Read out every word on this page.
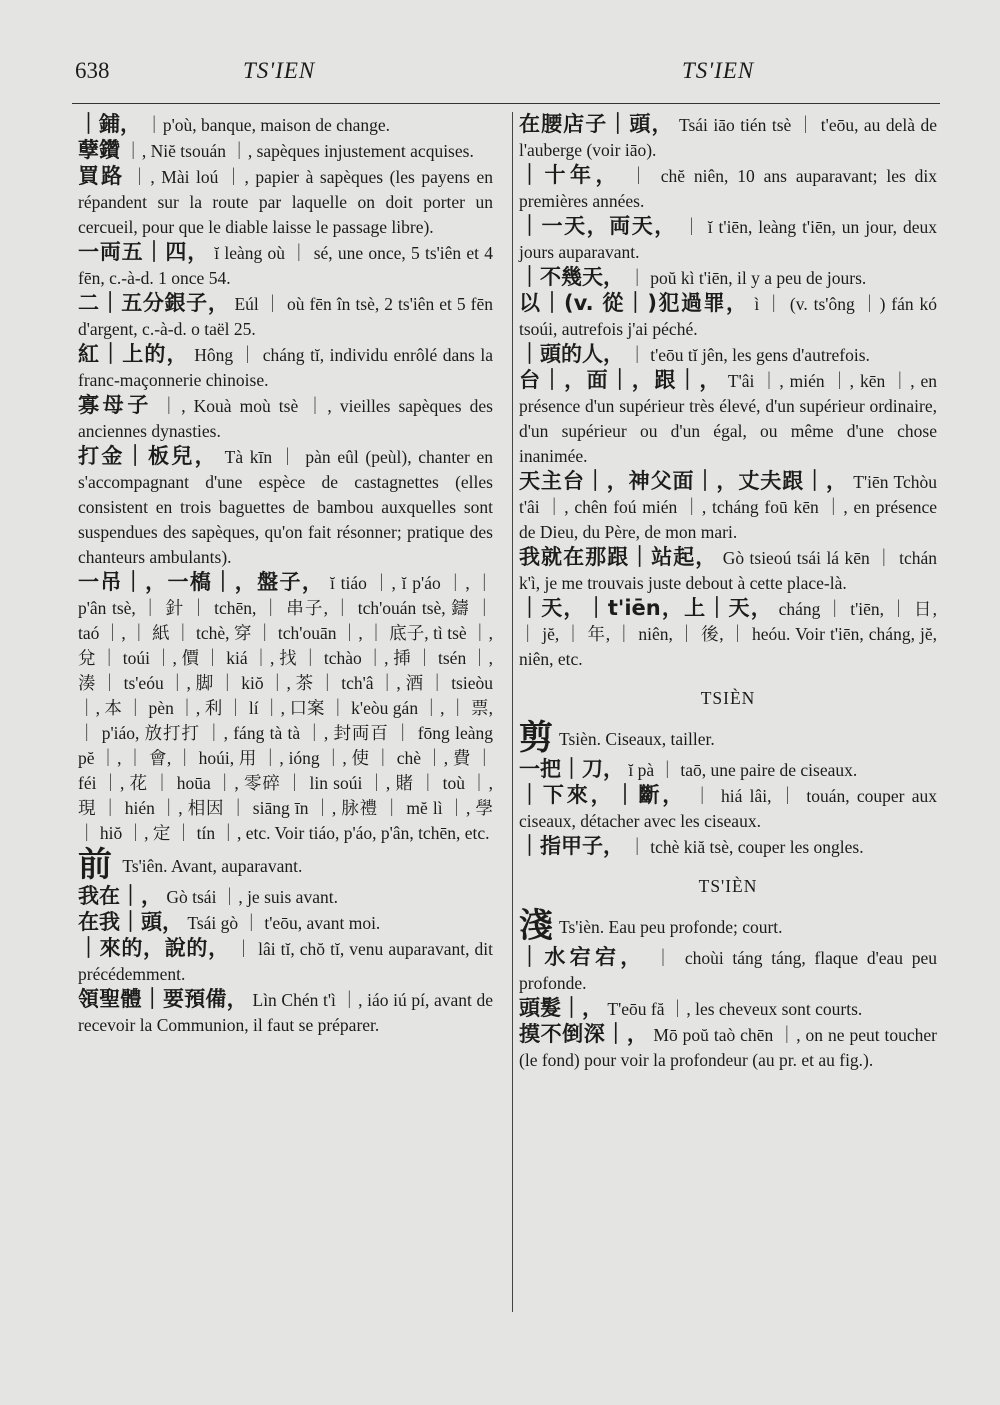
638	TS'IEN	TS'IEN

｜鋪， ｜p'où, banque, maison de change.

孽鑽 ｜, Niĕ tsouán ｜, sapèques injustement acquises.

買路 ｜, Mài loú ｜, papier à sapèques (les payens en répandent sur la route par laquelle on doit porter un cercueil, pour que le diable laisse le passage libre).

一両五｜四， ĭ leàng où ｜ sé, une once, 5 ts'iên et 4 fēn, c.-à-d. 1 once 54.

二｜五分銀子， Eúl ｜ où fēn în tsè, 2 ts'iên et 5 fēn d'argent, c.-à-d. o taël 25.

紅｜上的， Hông ｜ cháng tĭ, individu enrôlé dans la franc-maçonnerie chinoise.

寡母子 ｜, Kouà moù tsè ｜, vieilles sapèques des anciennes dynasties.

打金｜板兒， Tà kīn ｜ pàn eûl (peùl), chanter en s'accompagnant d'une espèce de castagnettes (elles consistent en trois baguettes de bambou auxquelles sont suspendues des sapèques, qu'on fait résonner; pratique des chanteurs ambulants).

一吊｜，一槗｜，盤子， ĭ tiáo ｜, ĭ p'áo ｜, ｜ p'ân tsè, ｜ 針 ｜ tchēn, ｜ 串子, ｜ tch'ouán tsè, 鑄 ｜ taó ｜, ｜ 紙 ｜ tchè, 穿 ｜ tch'ouān ｜, ｜ 底子, tì tsè ｜, 兌 ｜ toúi ｜, 價 ｜ kiá ｜, 找 ｜ tchào ｜, 揷 ｜ tsén ｜, 湊 ｜ ts'eóu ｜, 脚 ｜ kiŏ ｜, 茶 ｜ tch'â ｜, 酒 ｜ tsieòu ｜, 本 ｜ pèn ｜, 利 ｜ lí ｜, 口案 ｜ k'eòu gán ｜, ｜ 票, ｜ p'iáo, 放打打 ｜, fáng tà tà ｜, 封両百 ｜ fōng leàng pĕ ｜, ｜ 會, ｜ hoúi, 用 ｜, ióng ｜, 使 ｜ chè ｜, 費 ｜ féi ｜, 花 ｜ hoūa ｜, 零碎 ｜ lin soúi ｜, 賭 ｜ toù ｜, 現 ｜ hién ｜, 相因 ｜ siāng īn ｜, 脉禮 ｜ mĕ lì ｜, 學 ｜ hiŏ ｜, 定 ｜ tín ｜, etc. Voir tiáo, p'áo, p'ân, tchēn, etc.

前 Ts'iên. Avant, auparavant.

我在｜， Gò tsái ｜, je suis avant.

在我｜頭， Tsái gò ｜ t'eōu, avant moi.

｜來的，說的， ｜ lâi tĭ, chŏ tĭ, venu auparavant, dit précédemment.

領聖體｜要預備， Lìn Chén t'ì ｜, iáo iú pí, avant de recevoir la Communion, il faut se préparer.

在腰店子｜頭， Tsái iāo tién tsè ｜ t'eōu, au delà de l'auberge (voir iāo).

｜十年， ｜ chĕ niên, 10 ans auparavant; les dix premières années.

｜一天，両天， ｜ ĭ t'iēn, leàng t'iēn, un jour, deux jours auparavant.

｜不幾天， ｜ poŭ kì t'iēn, il y a peu de jours.

以｜(v. 從｜)犯過罪， ì ｜ (v. ts'ông ｜) fán kó tsoúi, autrefois j'ai péché.

｜頭的人， ｜ t'eōu tĭ jên, les gens d'autrefois.

台｜，面｜，跟｜， T'âi ｜, mién ｜, kēn ｜, en présence d'un supérieur très élevé, d'un supérieur ordinaire, d'un supérieur ou d'un égal, ou même d'une chose inanimée.

天主台｜，神父面｜，丈夫跟｜， T'iēn Tchòu t'âi ｜, chên foú mién ｜, tcháng foū kēn ｜, en présence de Dieu, du Père, de mon mari.

我就在那跟｜站起， Gò tsieoú tsái lá kēn ｜ tchán k'ì, je me trouvais juste debout à cette place-là.

｜天，｜t'iēn，上｜天， cháng ｜ t'iēn, ｜ 日, ｜ jĕ, ｜ 年, ｜ niên, ｜ 後, ｜ heóu. Voir t'iēn, cháng, jĕ, niên, etc.

TSIÈN

剪 Tsièn. Ciseaux, tailler.

一把｜刀， ĭ pà ｜ taō, une paire de ciseaux.

｜下來，｜斷， ｜ hiá lâi, ｜ touán, couper aux ciseaux, détacher avec les ciseaux.

｜指甲子， ｜ tchè kiă tsè, couper les ongles.

TS'IÈN

淺 Ts'ièn. Eau peu profonde; court.

｜水宕宕， ｜ choùi táng táng, flaque d'eau peu profonde.

頭髮｜， T'eōu fă ｜, les cheveux sont courts.

摸不倒深｜， Mō poŭ taò chēn ｜, on ne peut toucher (le fond) pour voir la profondeur (au pr. et au fig.).
